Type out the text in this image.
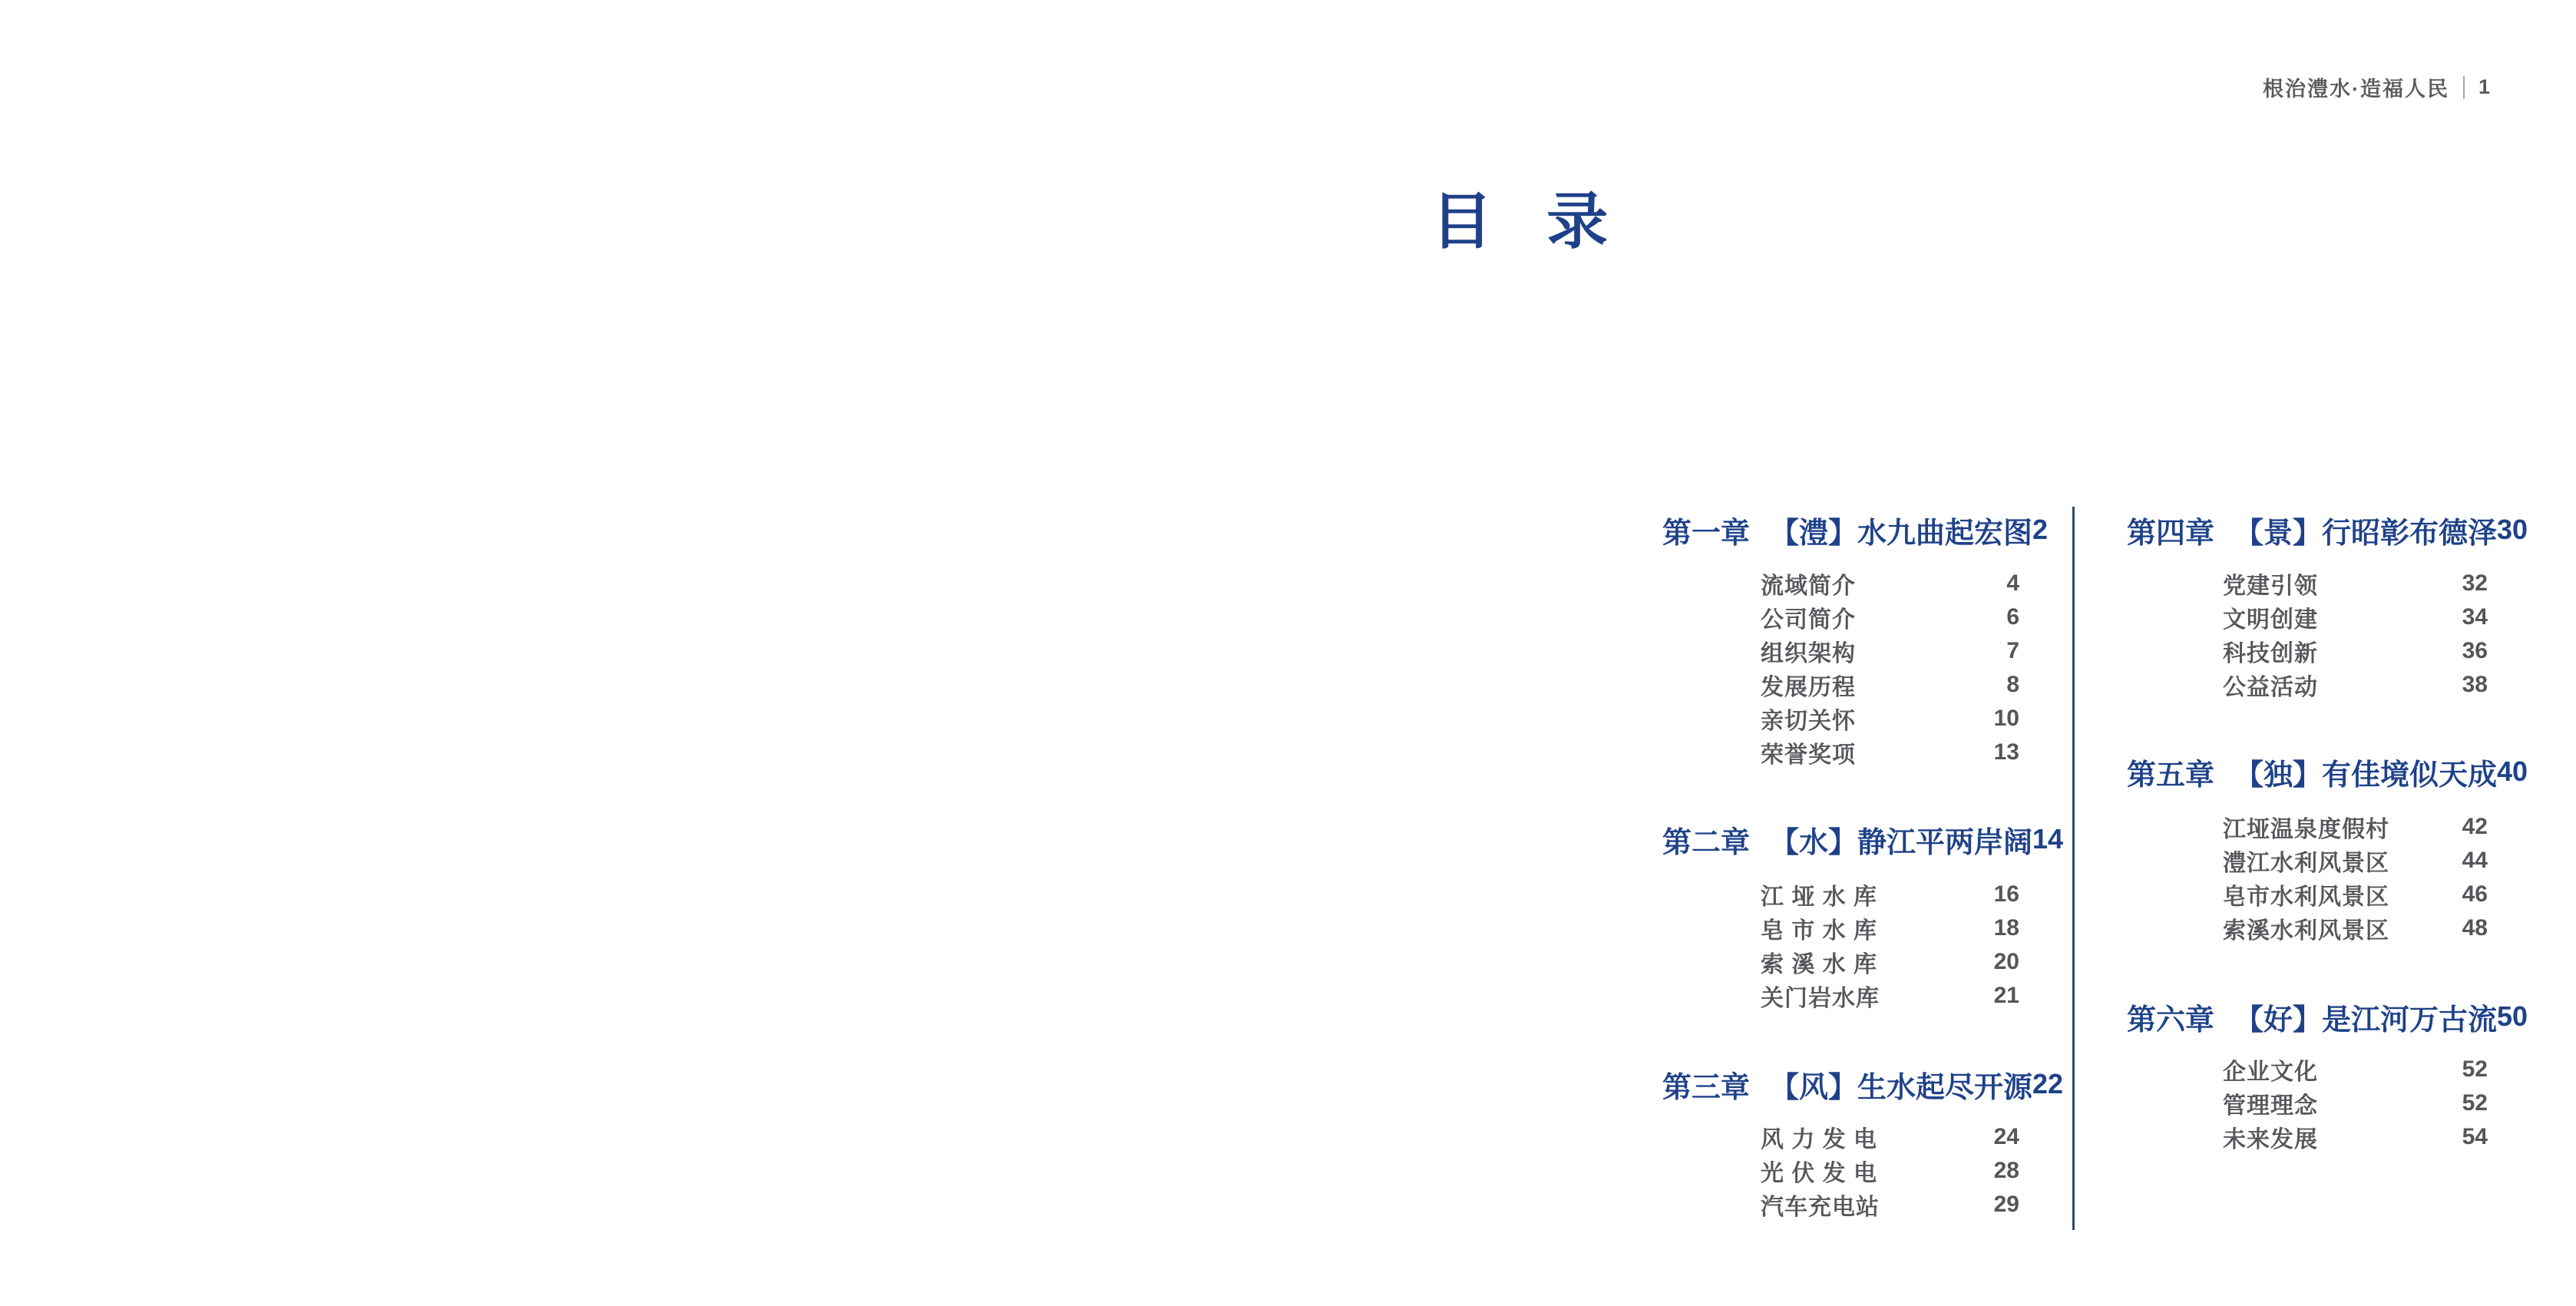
根治澧水·造福人民 1
目 录
第一章 【澧】水九曲起宏图 2
流域简介	4
公司简介	6
组织架构	7
发展历程	8
亲切关怀	10
荣誉奖项	13
第二章 【水】静江平两岸阔 14
江 垭 水 库	16
皂 市 水 库	18
索 溪 水 库	20
关门岩水库	21
第三章 【风】生水起尽开源 22
风 力 发 电	24
光 伏 发 电	28
汽车充电站	29
第四章 【景】行昭彰布德泽 30
党建引领	32
文明创建	34
科技创新	36
公益活动	38
第五章 【独】有佳境似天成 40
江垭温泉度假村	42
澧江水利风景区	44
皂市水利风景区	46
索溪水利风景区	48
第六章 【好】是江河万古流 50
企业文化	52
管理理念	52
未来发展	54
